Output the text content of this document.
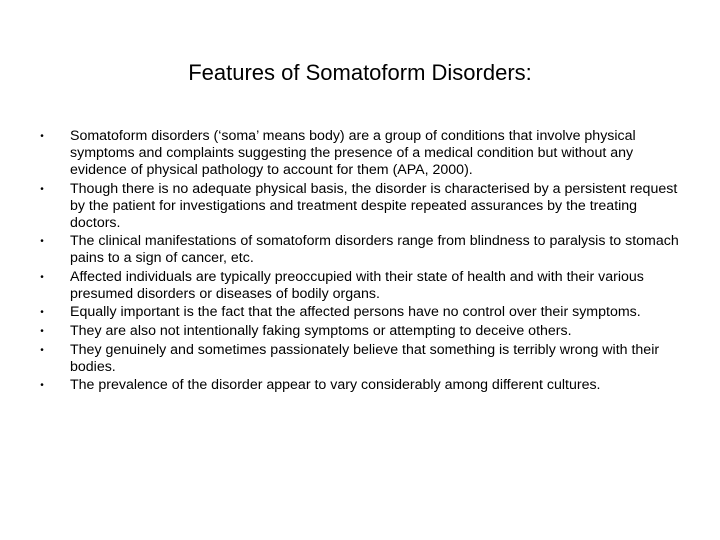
Features of Somatoform Disorders:
• Somatoform disorders (‘soma’ means body) are a group of conditions that involve physical symptoms and complaints suggesting the presence of a medical condition but without any evidence of physical pathology to account for them (APA, 2000).
• Though there is no adequate physical basis, the disorder is characterised by a persistent request by the patient for investigations and treatment despite repeated assurances by the treating doctors.
• The clinical manifestations of somatoform disorders range from blindness to paralysis to stomach pains to a sign of cancer, etc.
• Affected individuals are typically preoccupied with their state of health and with their various presumed disorders or diseases of bodily organs.
• Equally important is the fact that the affected persons have no control over their symptoms.
• They are also not intentionally faking symptoms or attempting to deceive others.
• They genuinely and sometimes passionately believe that something is terribly wrong with their bodies.
• The prevalence of the disorder appear to vary considerably among different cultures.
